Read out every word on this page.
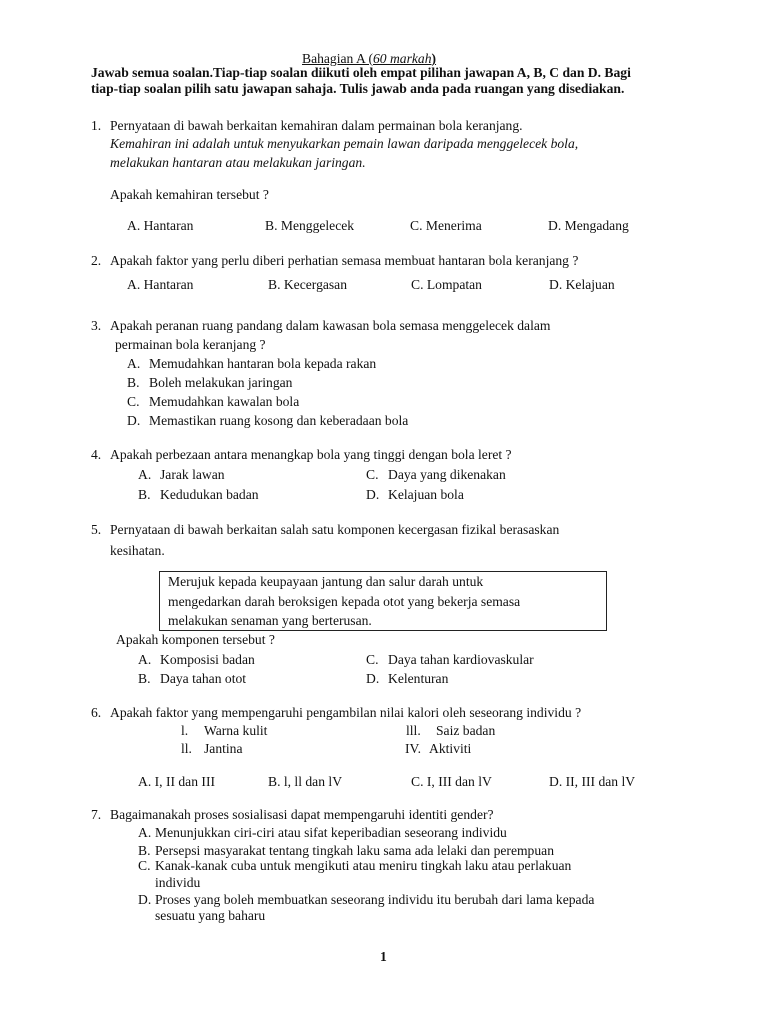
Bahagian A (60 markah)
Jawab semua soalan.Tiap-tiap soalan diikuti oleh empat pilihan jawapan A, B, C dan D. Bagi
tiap-tiap soalan pilih satu jawapan sahaja. Tulis jawab anda pada ruangan yang disediakan.
1. Pernyataan di bawah berkaitan kemahiran dalam permainan bola keranjang.
Kemahiran ini adalah untuk menyukarkan pemain lawan daripada menggelecek bola,
melakukan hantaran atau melakukan jaringan.
Apakah kemahiran tersebut ?
A. Hantaran	B. Menggelecek	C. Menerima	D. Mengadang
2. Apakah faktor yang perlu diberi perhatian semasa membuat hantaran bola keranjang ?
A. Hantaran	B. Kecergasan	C. Lompatan	D. Kelajuan
3. Apakah peranan ruang pandang dalam kawasan bola semasa menggelecek dalam
permainan bola keranjang ?
A. Memudahkan hantaran bola kepada rakan
B. Boleh melakukan jaringan
C. Memudahkan kawalan bola
D. Memastikan ruang kosong dan keberadaan bola
4. Apakah perbezaan antara menangkap bola yang tinggi dengan bola leret ?
A. Jarak lawan	C. Daya yang dikenakan
B. Kedudukan badan	D. Kelajuan bola
5. Pernyataan di bawah berkaitan salah satu komponen kecergasan fizikal berasaskan
kesihatan.
Merujuk kepada keupayaan jantung dan salur darah untuk
mengedarkan darah beroksigen kepada otot yang bekerja semasa
melakukan senaman yang berterusan.
Apakah komponen tersebut ?
A. Komposisi badan	C. Daya tahan kardiovaskular
B. Daya tahan otot	D. Kelenturan
6. Apakah faktor yang mempengaruhi pengambilan nilai kalori oleh seseorang individu ?
l. Warna kulit	lll. Saiz badan
ll. Jantina	IV. Aktiviti
A. I, II dan III	B. l, ll dan lV	C. I, III dan lV	D. II, III dan lV
7. Bagaimanakah proses sosialisasi dapat mempengaruhi identiti gender?
A. Menunjukkan ciri-ciri atau sifat keperibadian seseorang individu
B. Persepsi masyarakat tentang tingkah laku sama ada lelaki dan perempuan
C. Kanak-kanak cuba untuk mengikuti atau meniru tingkah laku atau perlakuan
individu
D. Proses yang boleh membuatkan seseorang individu itu berubah dari lama kepada
sesuatu yang baharu
1
